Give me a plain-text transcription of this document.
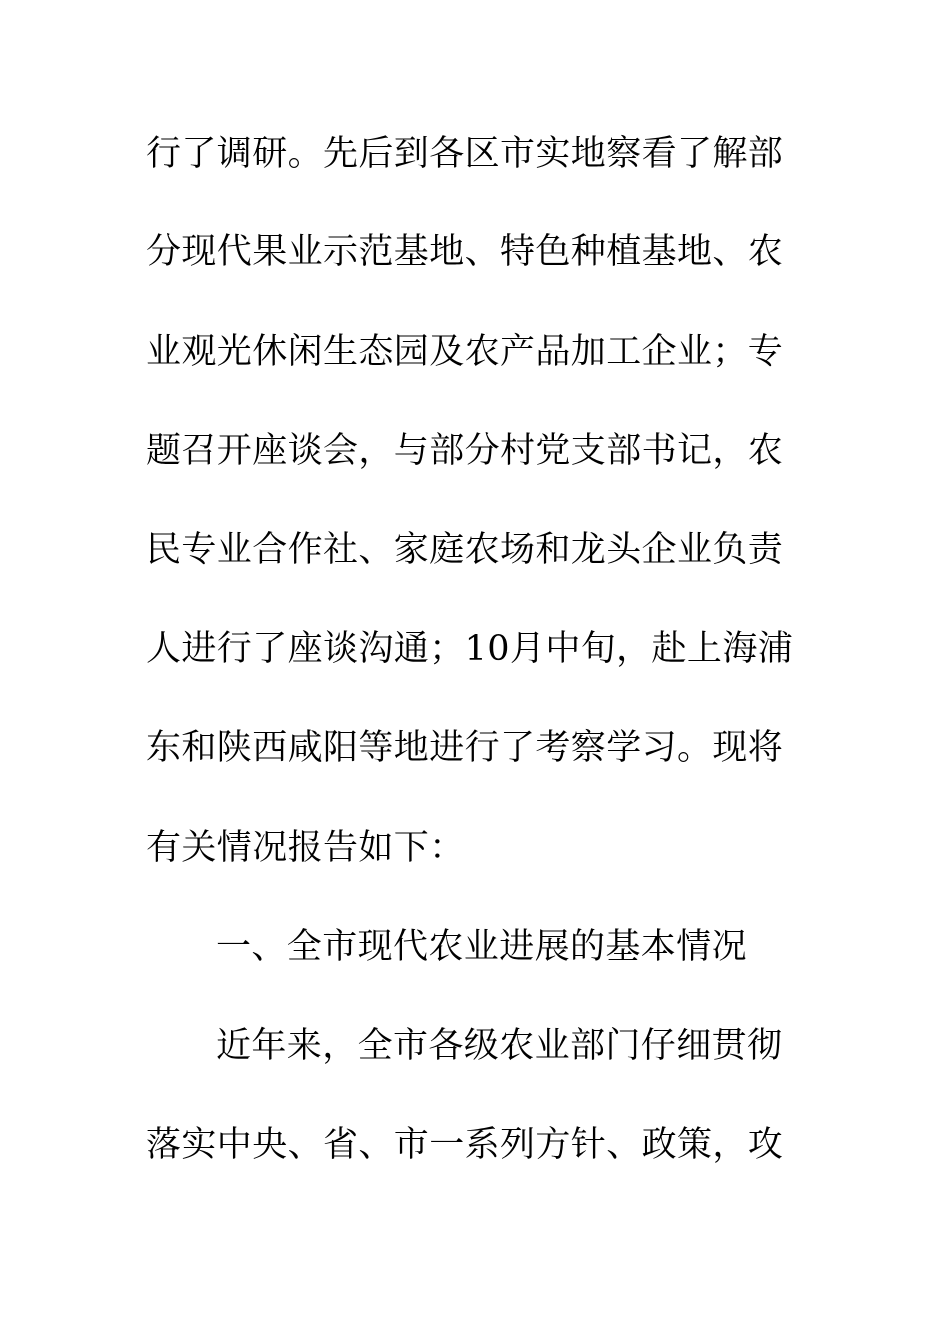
行了调研。先后到各区市实地察看了解部
分现代果业示范基地、特色种植基地、农
业观光休闲生态园及农产品加工企业；专
题召开座谈会，与部分村党支部书记，农
民专业合作社、家庭农场和龙头企业负责
人进行了座谈沟通；10月中旬，赴上海浦
东和陕西咸阳等地进行了考察学习。现将
有关情况报告如下：
一、全市现代农业进展的基本情况
近年来，全市各级农业部门仔细贯彻
落实中央、省、市一系列方针、政策，攻
